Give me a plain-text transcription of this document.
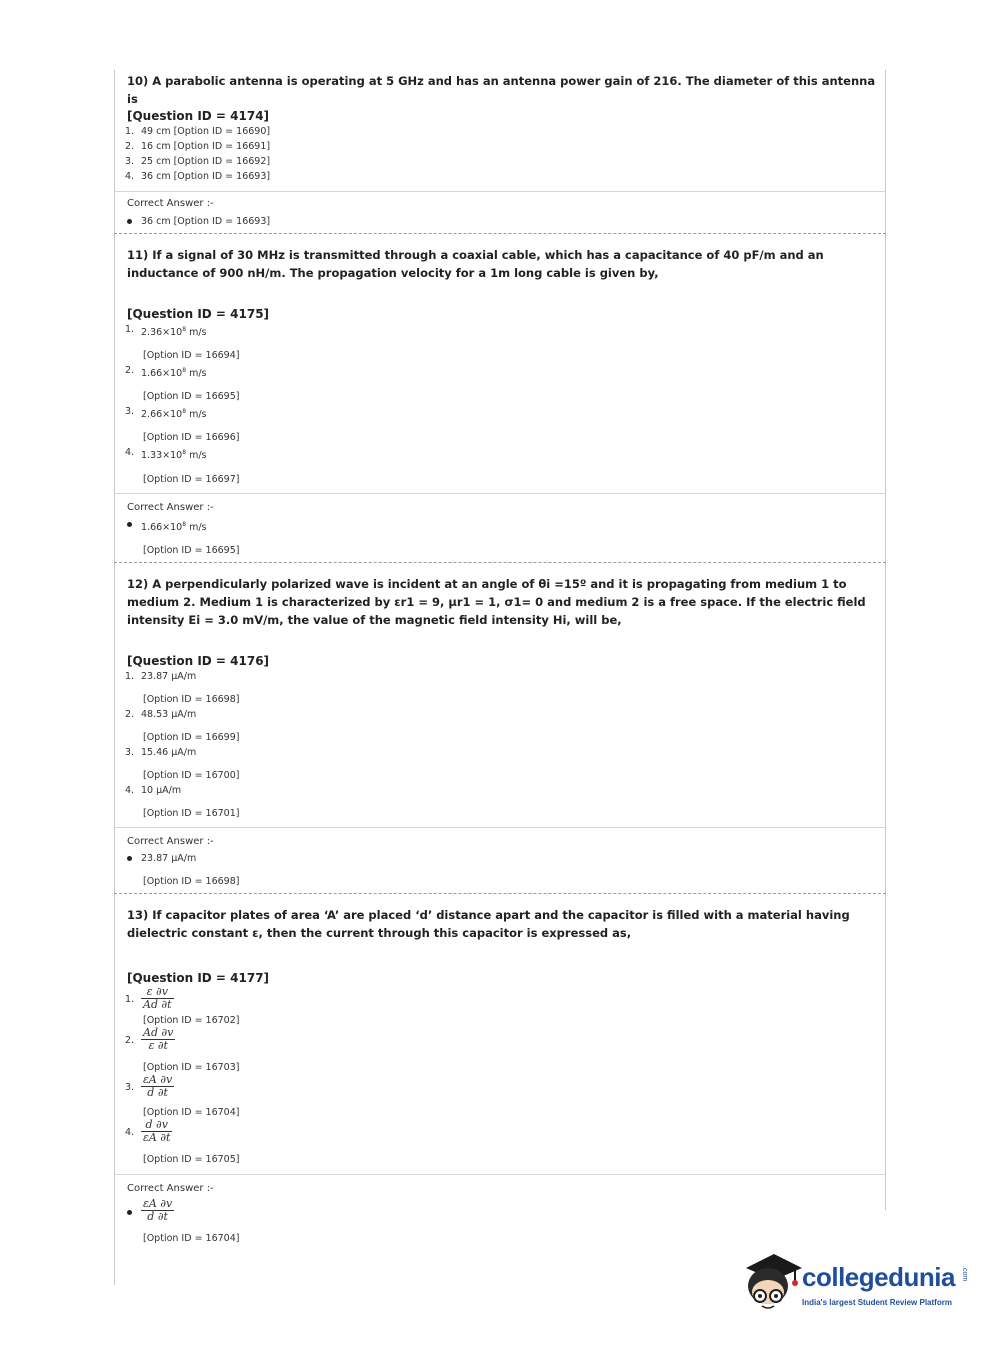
10) A parabolic antenna is operating at 5 GHz and has an antenna power gain of 216. The diameter of this antenna is

[Question ID = 4174]
1. 49 cm [Option ID = 16690]
2. 16 cm [Option ID = 16691]
3. 25 cm [Option ID = 16692]
4. 36 cm [Option ID = 16693]
Correct Answer :-
36 cm [Option ID = 16693]

11) If a signal of 30 MHz is transmitted through a coaxial cable, which has a capacitance of 40 pF/m and an inductance of 900 nH/m. The propagation velocity for a 1m long cable is given by,

[Question ID = 4175]
1. $2.36\times 10^8$ m/s
[Option ID = 16694]
2. $1.66\times 10^8$ m/s
[Option ID = 16695]
3. $2.66\times 10^8$ m/s
[Option ID = 16696]
4. $1.33\times 10^8$ m/s
[Option ID = 16697]
Correct Answer :-
$1.66\times 10^8$ m/s
[Option ID = 16695]

12) A perpendicularly polarized wave is incident at an angle of θi =15º and it is propagating from medium 1 to medium 2. Medium 1 is characterized by εr1 = 9, μr1 = 1, σ1= 0 and medium 2 is a free space. If the electric field intensity Ei = 3.0 mV/m, the value of the magnetic field intensity Hi, will be,

[Question ID = 4176]
1. 23.87 μA/m
[Option ID = 16698]
2. 48.53 μA/m
[Option ID = 16699]
3. 15.46 μA/m
[Option ID = 16700]
4. 10 μA/m
[Option ID = 16701]
Correct Answer :-
23.87 μA/m
[Option ID = 16698]

13) If capacitor plates of area ‘A’ are placed ‘d’ distance apart and the capacitor is filled with a material having dielectric constant ε, then the current through this capacitor is expressed as,

[Question ID = 4177]
1. $\frac{\varepsilon \partial v}{Ad \partial t}$
[Option ID = 16702]
2. $\frac{Ad \partial v}{\varepsilon \partial t}$
[Option ID = 16703]
3. $\frac{\varepsilon A \partial v}{d \partial t}$
[Option ID = 16704]
4. $\frac{d \partial v}{\varepsilon A \partial t}$
[Option ID = 16705]
Correct Answer :-
$\frac{\varepsilon A \partial v}{d \partial t}$
[Option ID = 16704]
collegedunia .com
India's largest Student Review Platform
